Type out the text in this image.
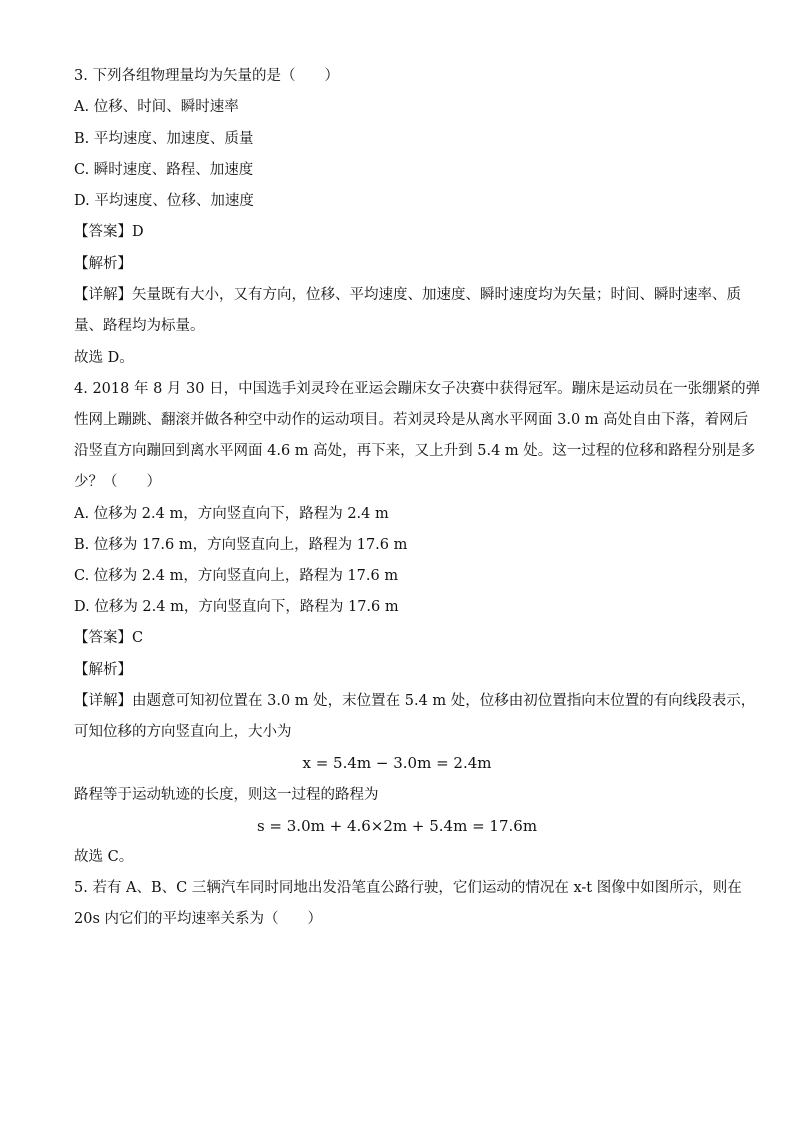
3. 下列各组物理量均为矢量的是（　　）
A. 位移、时间、瞬时速率
B. 平均速度、加速度、质量
C. 瞬时速度、路程、加速度
D. 平均速度、位移、加速度
【答案】D
【解析】
【详解】矢量既有大小，又有方向，位移、平均速度、加速度、瞬时速度均为矢量；时间、瞬时速率、质
量、路程均为标量。
故选 D。
4. 2018 年 8 月 30 日，中国选手刘灵玲在亚运会蹦床女子决赛中获得冠军。蹦床是运动员在一张绷紧的弹
性网上蹦跳、翻滚并做各种空中动作的运动项目。若刘灵玲是从离水平网面 3.0 m 高处自由下落，着网后
沿竖直方向蹦回到离水平网面 4.6 m 高处，再下来，又上升到 5.4 m 处。这一过程的位移和路程分别是多
少？（　　）
A. 位移为 2.4 m，方向竖直向下，路程为 2.4 m
B. 位移为 17.6 m，方向竖直向上，路程为 17.6 m
C. 位移为 2.4 m，方向竖直向上，路程为 17.6 m
D. 位移为 2.4 m，方向竖直向下，路程为 17.6 m
【答案】C
【解析】
【详解】由题意可知初位置在 3.0 m 处，末位置在 5.4 m 处，位移由初位置指向末位置的有向线段表示，
可知位移的方向竖直向上，大小为
x = 5.4m − 3.0m = 2.4m
路程等于运动轨迹的长度，则这一过程的路程为
s = 3.0m + 4.6×2m + 5.4m = 17.6m
故选 C。
5. 若有 A、B、C 三辆汽车同时同地出发沿笔直公路行驶，它们运动的情况在 x-t 图像中如图所示，则在
20s 内它们的平均速率关系为（　　）
